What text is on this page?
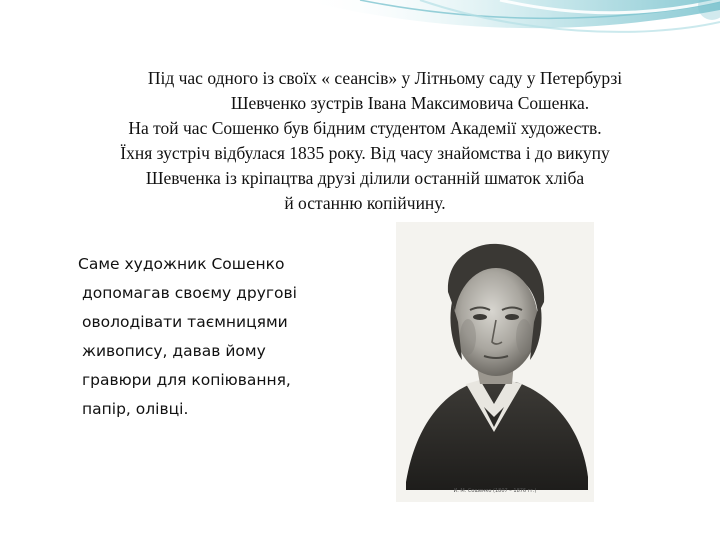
Під час одного із своїх « сеансів» у Літньому саду у Петербурзі
Шевченко зустрів Івана Максимовича Сошенка.
На той час Сошенко був бідним студентом Академії художеств.
Їхня зустріч відбулася 1835 року. Від часу знайомства і до викупу
Шевченка із кріпацтва друзі ділили останній шматок хліба
й останню копійчину.
Саме художник Сошенко
допомагав своєму другові
оволодівати таємницями
живопису, давав йому
гравюри для копіювання,
папір, олівці.
И. М. Сошенко (1807 – 1876 гг.)
